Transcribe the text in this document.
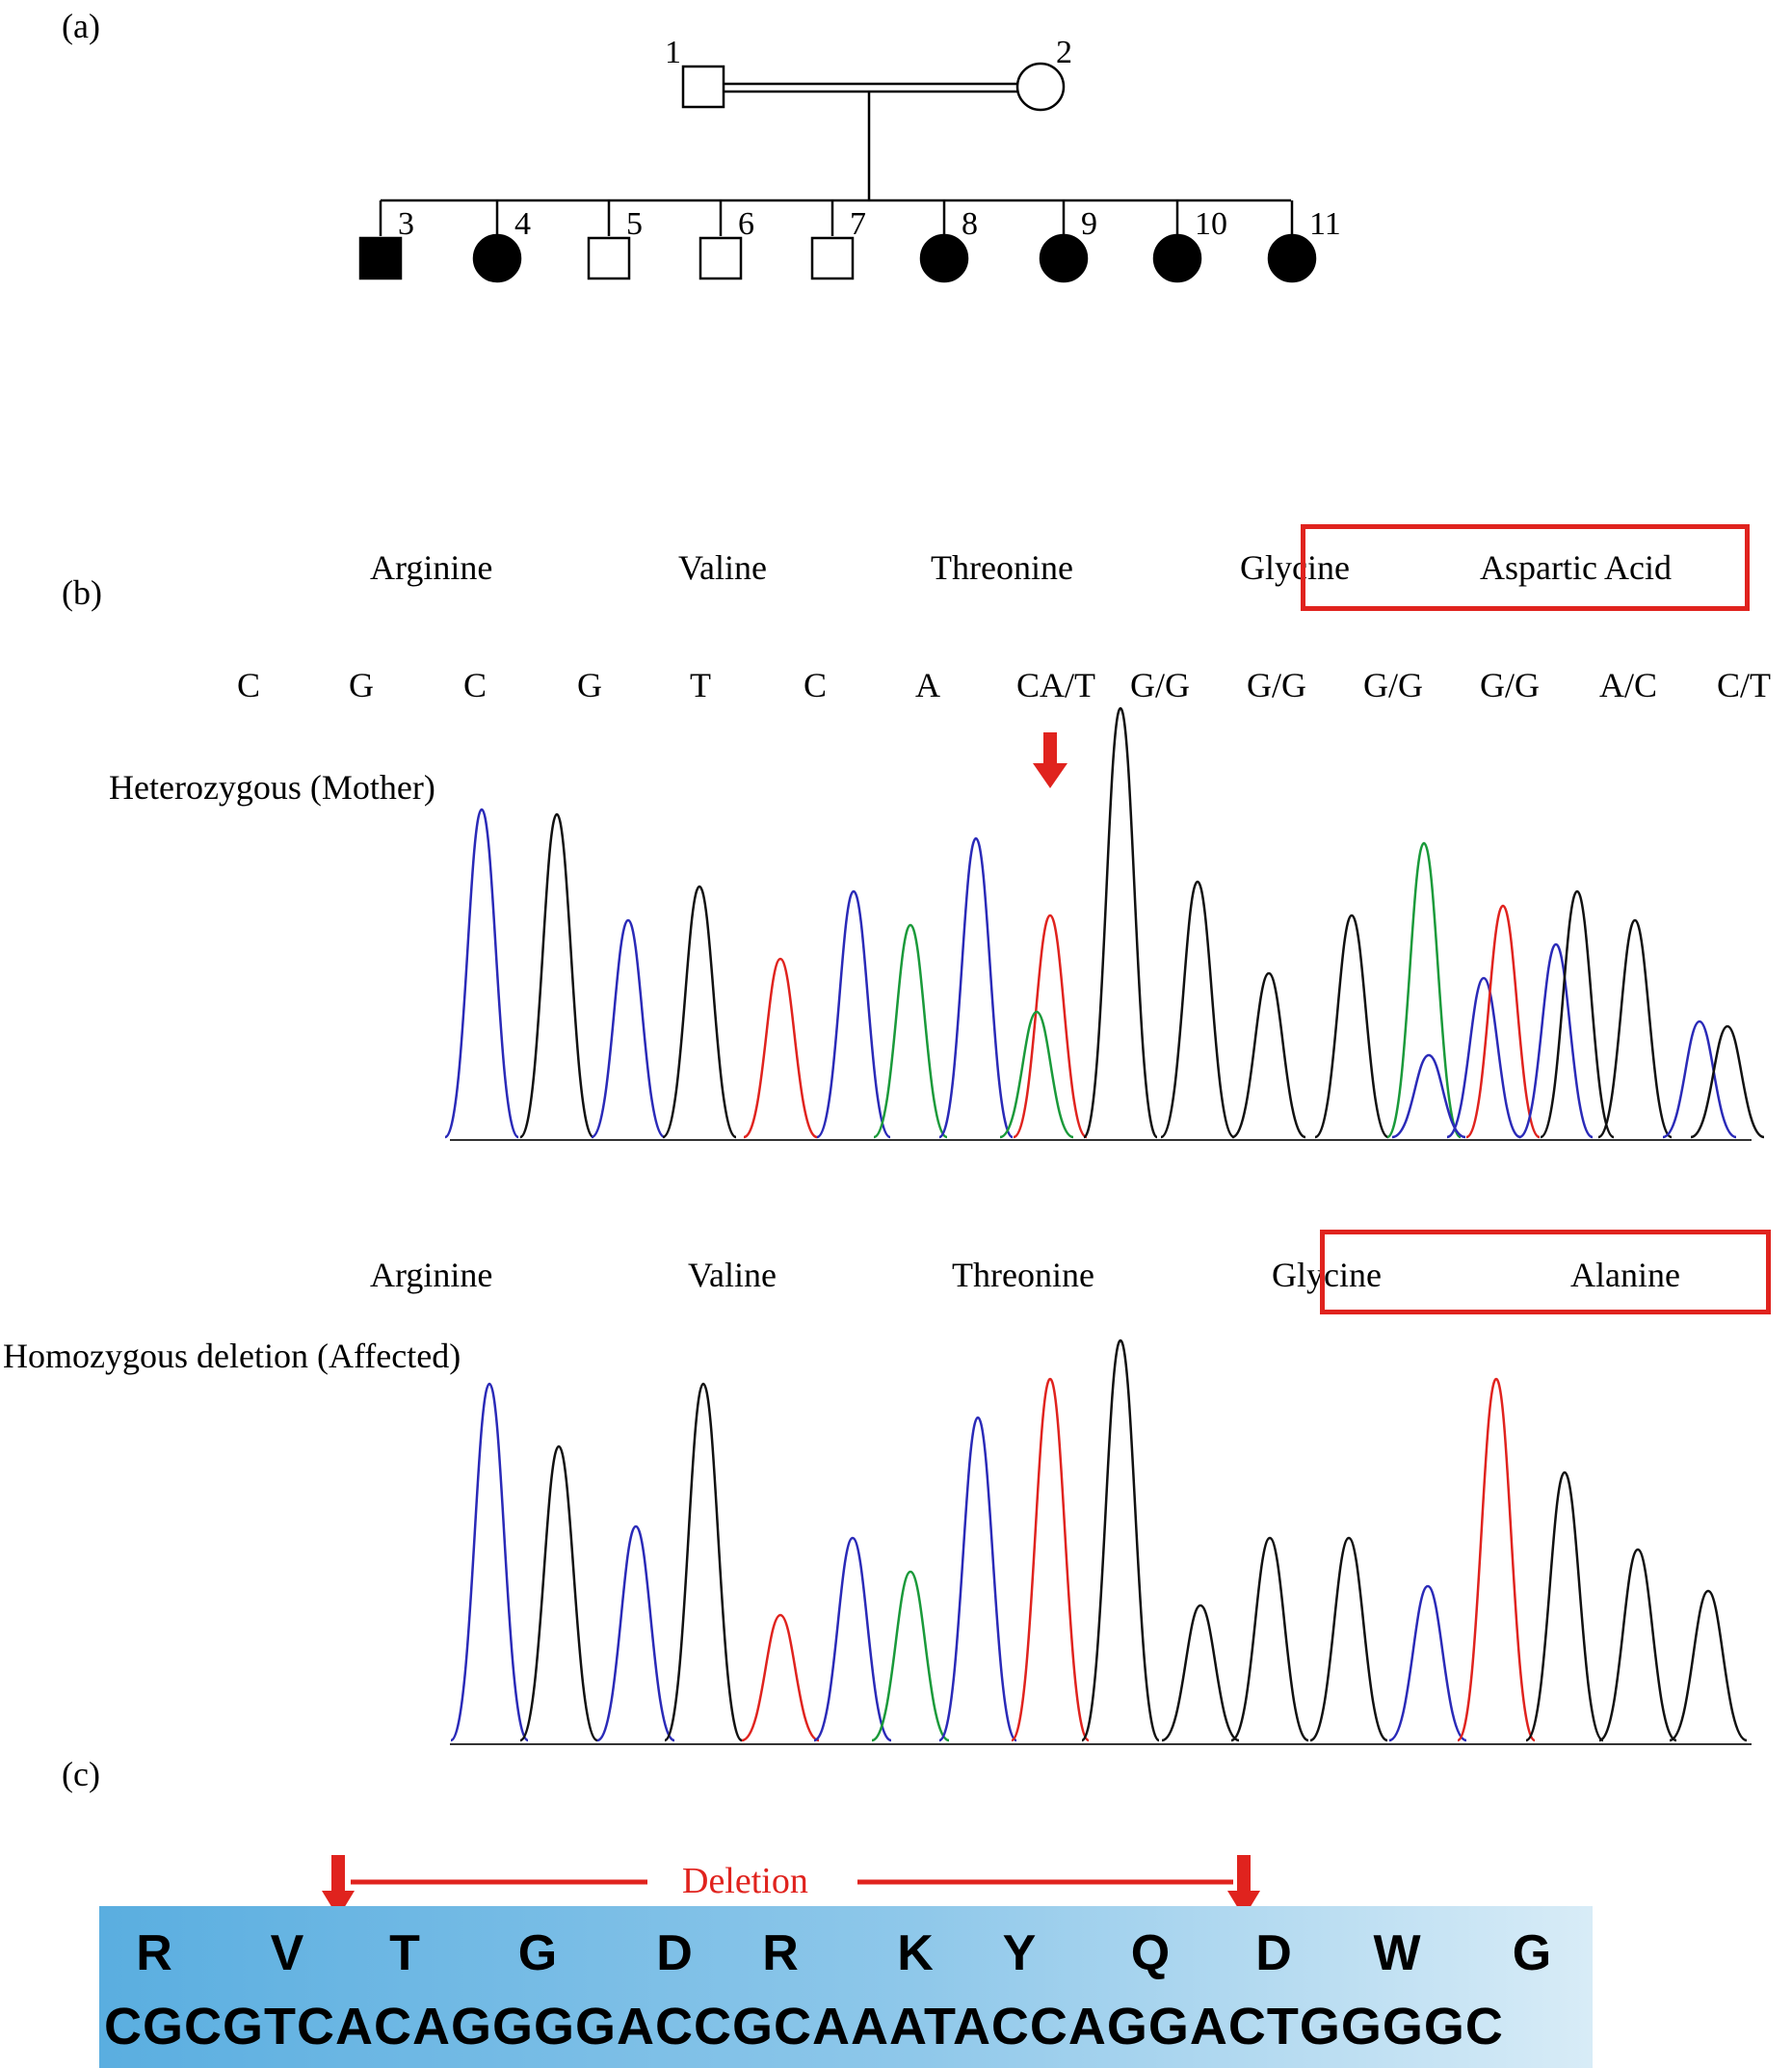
(a)
(b)
(c)
1	2
3	4	5	6	7	8	9	10	11
Arginine	Valine	Threonine	Glycine	Aspartic Acid
C	G	C	G	T	C	A CA/T G/G G/G G/G G/G A/C C/T
Heterozygous (Mother)
Arginine	Valine	Threonine	Glycine	Alanine
Homozygous deletion (Affected)
Deletion
R V T G D R K Y Q D W G
CGCGTCACAGGGGACCGCAAATACCAGGACTGGGGC
